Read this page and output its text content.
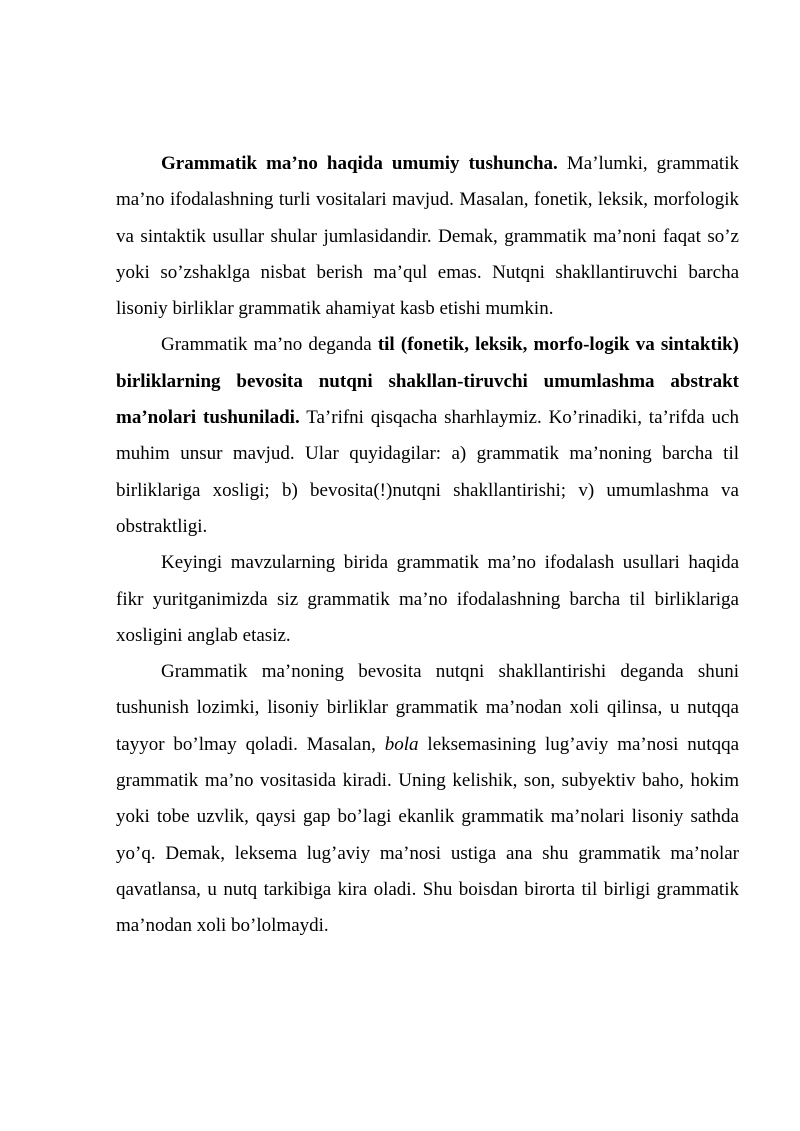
Grammatik ma’no haqida umumiy tushuncha. Ma’lumki, grammatik ma’no ifodalashning turli vositalari mavjud. Masalan, fonetik, leksik, morfologik va sintaktik usullar shular jumlasidandir. Demak, grammatik ma’noni faqat so’z yoki so’zshaklga nisbat berish ma’qul emas. Nutqni shakllantiruvchi barcha lisoniy birliklar grammatik ahamiyat kasb etishi mumkin.

Grammatik ma’no deganda til (fonetik, leksik, morfo-logik va sintaktik) birliklarning bevosita nutqni shakllan-tiruvchi umumlashma abstrakt ma’nolari tushuniladi. Ta’rifni qisqacha sharhlaymiz. Ko’rinadiki, ta’rifda uch muhim unsur mavjud. Ular quyidagilar: a) grammatik ma’noning barcha til birliklariga xosligi; b) bevosita(!)nutqni shakllantirishi; v) umumlashma va obstraktligi.

Keyingi mavzularning birida grammatik ma’no ifodalash usullari haqida fikr yuritganimizda siz grammatik ma’no ifodalashning barcha til birliklariga xosligini anglab etasiz.

Grammatik ma’noning bevosita nutqni shakllantirishi deganda shuni tushunish lozimki, lisoniy birliklar grammatik ma’nodan xoli qilinsa, u nutqqa tayyor bo’lmay qoladi. Masalan, bola leksemasining lug’aviy ma’nosi nutqqa grammatik ma’no vositasida kiradi. Uning kelishik, son, subyektiv baho, hokim yoki tobe uzvlik, qaysi gap bo’lagi ekanlik grammatik ma’nolari lisoniy sathda yo’q. Demak, leksema lug’aviy ma’nosi ustiga ana shu grammatik ma’nolar qavatlansa, u nutq tarkibiga kira oladi. Shu boisdan birorta til birligi grammatik ma’nodan xoli bo’lolmaydi.
